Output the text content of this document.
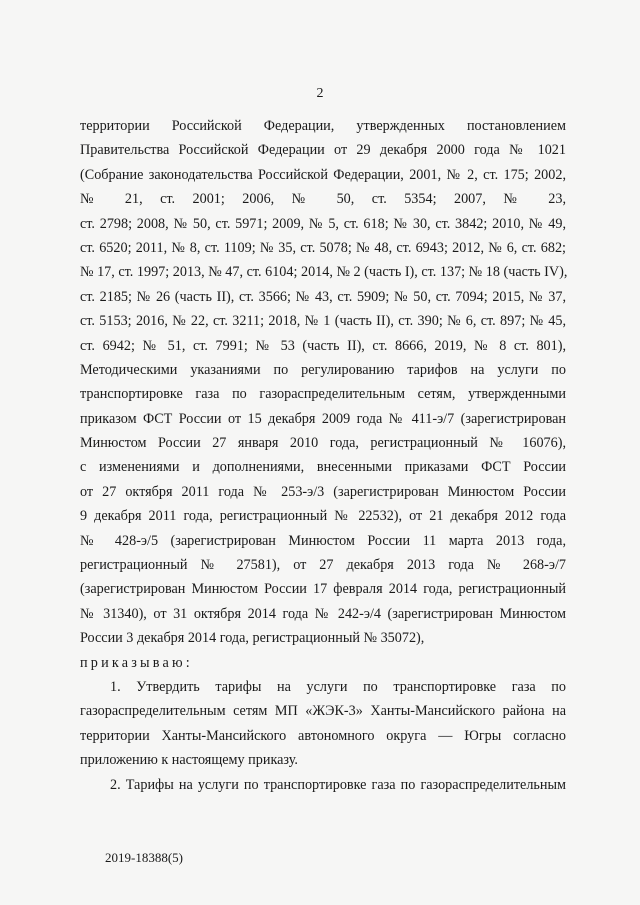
2
территории Российской Федерации, утвержденных постановлением
Правительства Российской Федерации от 29 декабря 2000 года № 1021
(Собрание законодательства Российской Федерации, 2001, № 2, ст. 175; 2002,
№ 21, ст. 2001; 2006, № 50, ст. 5354; 2007, № 23,
ст. 2798; 2008, № 50, ст. 5971; 2009, № 5, ст. 618; № 30, ст. 3842; 2010, № 49,
ст. 6520; 2011, № 8, ст. 1109; № 35, ст. 5078; № 48, ст. 6943; 2012, № 6, ст. 682;
№ 17, ст. 1997; 2013, № 47, ст. 6104; 2014, № 2 (часть I), ст. 137; № 18 (часть IV),
ст. 2185; № 26 (часть II), ст. 3566; № 43, ст. 5909; № 50, ст. 7094; 2015, № 37,
ст. 5153; 2016, № 22, ст. 3211; 2018, № 1 (часть II), ст. 390; № 6, ст. 897; № 45,
ст. 6942; № 51, ст. 7991; № 53 (часть II), ст. 8666, 2019, № 8 ст. 801),
Методическими указаниями по регулированию тарифов на услуги по
транспортировке газа по газораспределительным сетям, утвержденными
приказом ФСТ России от 15 декабря 2009 года № 411-э/7 (зарегистрирован
Минюстом России 27 января 2010 года, регистрационный № 16076),
с изменениями и дополнениями, внесенными приказами ФСТ России
от 27 октября 2011 года № 253-э/3 (зарегистрирован Минюстом России
9 декабря 2011 года, регистрационный № 22532), от 21 декабря 2012 года
№ 428-э/5 (зарегистрирован Минюстом России 11 марта 2013 года,
регистрационный № 27581), от 27 декабря 2013 года № 268-э/7
(зарегистрирован Минюстом России 17 февраля 2014 года, регистрационный
№ 31340), от 31 октября 2014 года № 242-э/4 (зарегистрирован Минюстом
России 3 декабря 2014 года, регистрационный № 35072),
приказываю:
1. Утвердить тарифы на услуги по транспортировке газа по
газораспределительным сетям МП «ЖЭК-3» Ханты-Мансийского района на
территории Ханты-Мансийского автономного округа — Югры согласно
приложению к настоящему приказу.
2. Тарифы на услуги по транспортировке газа по газораспределительным
2019-18388(5)
